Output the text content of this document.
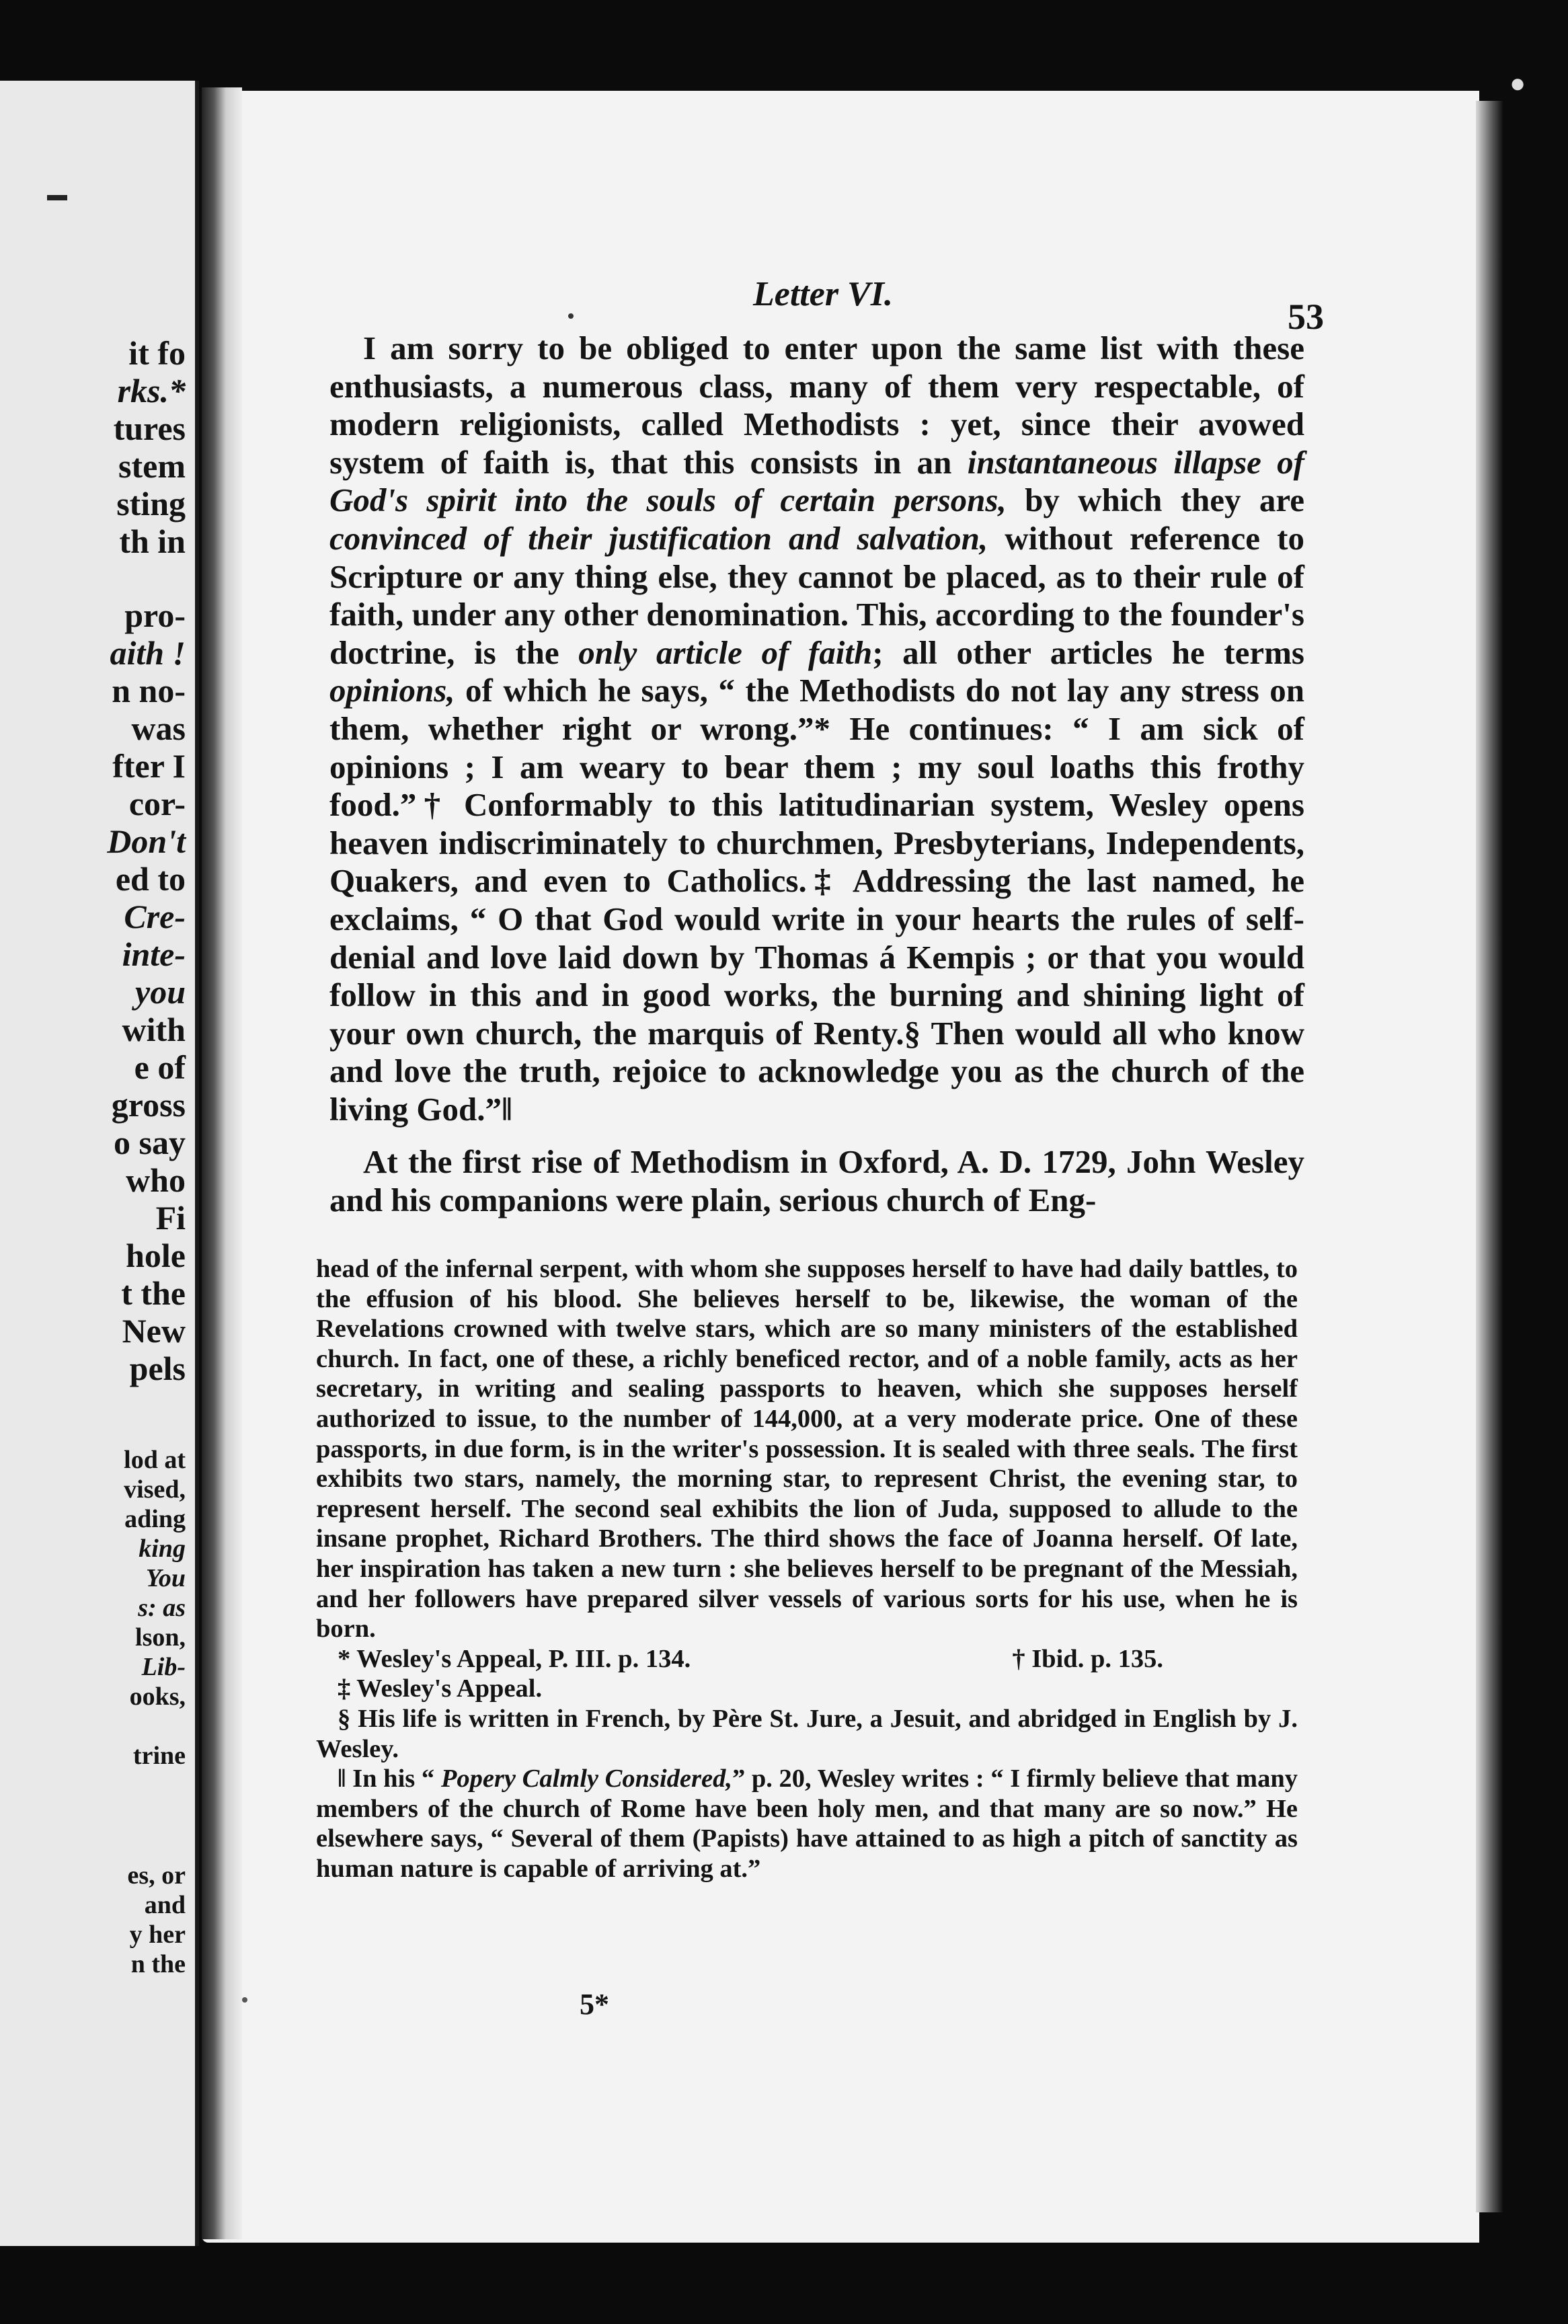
it fo
rks.*
tures
stem
sting
th in
pro-
aith !
n no-
was
fter I
cor-
Don't
ed to
Cre-
inte-
you
with
e of
gross
o say
who
Fi
hole
t the
New
pels
lod at
vised,
ading
king
You
s: as
lson,
Lib-
ooks,
trine
es, or
and
y her
n the
●
Letter VI.
53

I am sorry to be obliged to enter upon the same list with these enthusiasts, a numerous class, many of them very respectable, of modern religionists, called Methodists : yet, since their avowed system of faith is, that this consists in an instantaneous illapse of God's spirit into the souls of certain persons, by which they are convinced of their justification and salvation, without reference to Scripture or any thing else, they cannot be placed, as to their rule of faith, under any other denomination. This, according to the founder's doctrine, is the only article of faith; all other articles he terms opinions, of which he says, “ the Methodists do not lay any stress on them, whether right or wrong.”* He continues: “ I am sick of opinions ; I am weary to bear them ; my soul loaths this frothy food.”† Conformably to this latitudinarian system, Wesley opens heaven indiscriminately to churchmen, Presbyterians, Independents, Quakers, and even to Catholics.‡ Addressing the last named, he exclaims, “ O that God would write in your hearts the rules of self-denial and love laid down by Thomas á Kempis ; or that you would follow in this and in good works, the burning and shining light of your own church, the marquis of Renty.§ Then would all who know and love the truth, rejoice to acknowledge you as the church of the living God.”‖

At the first rise of Methodism in Oxford, A. D. 1729, John Wesley and his companions were plain, serious church of Eng-

head of the infernal serpent, with whom she supposes herself to have had daily battles, to the effusion of his blood. She believes herself to be, likewise, the woman of the Revelations crowned with twelve stars, which are so many ministers of the established church. In fact, one of these, a richly beneficed rector, and of a noble family, acts as her secretary, in writing and sealing passports to heaven, which she supposes herself authorized to issue, to the number of 144,000, at a very moderate price. One of these passports, in due form, is in the writer's possession. It is sealed with three seals. The first exhibits two stars, namely, the morning star, to represent Christ, the evening star, to represent herself. The second seal exhibits the lion of Juda, supposed to allude to the insane prophet, Richard Brothers. The third shows the face of Joanna herself. Of late, her inspiration has taken a new turn : she believes herself to be pregnant of the Messiah, and her followers have prepared silver vessels of various sorts for his use, when he is born.

* Wesley's Appeal, P. III. p. 134.	† Ibid. p. 135.

‡ Wesley's Appeal.

§ His life is written in French, by Père St. Jure, a Jesuit, and abridged in English by J. Wesley.

‖ In his “ Popery Calmly Considered,” p. 20, Wesley writes : “ I firmly believe that many members of the church of Rome have been holy men, and that many are so now.” He elsewhere says, “ Several of them (Papists) have attained to as high a pitch of sanctity as human nature is capable of arriving at.”

5*
